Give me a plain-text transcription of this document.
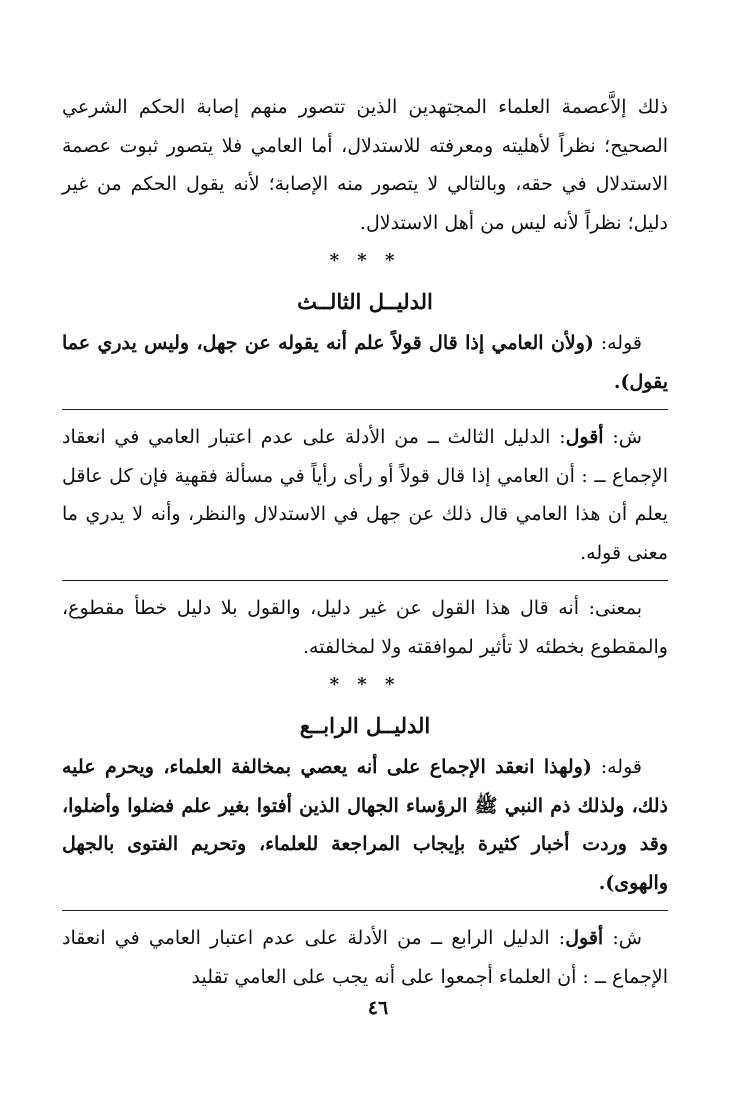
ذلك إلاَّعصمة العلماء المجتهدين الذين تتصور منهم إصابة الحكم الشرعي الصحيح؛ نظراً لأهليته ومعرفته للاستدلال، أما العامي فلا يتصور ثبوت عصمة الاستدلال في حقه، وبالتالي لا يتصور منه الإصابة؛ لأنه يقول الحكم من غير دليل؛ نظراً لأنه ليس من أهل الاستدلال.

* * *

الدليــل الثالــث

قوله: (ولأن العامي إذا قال قولاً علم أنه يقوله عن جهل، وليس يدري عما يقول).

ش: أقول: الدليل الثالث ــ من الأدلة على عدم اعتبار العامي في انعقاد الإجماع ــ : أن العامي إذا قال قولاً أو رأى رأياً في مسألة فقهية فإن كل عاقل يعلم أن هذا العامي قال ذلك عن جهل في الاستدلال والنظر، وأنه لا يدري ما معنى قوله.

بمعنى: أنه قال هذا القول عن غير دليل، والقول بلا دليل خطأ مقطوع، والمقطوع بخطئه لا تأثير لموافقته ولا لمخالفته.

* * *

الدليــل الرابــع

قوله: (ولهذا انعقد الإجماع على أنه يعصي بمخالفة العلماء، ويحرم عليه ذلك، ولذلك ذم النبي ﷺ الرؤساء الجهال الذين أفتوا بغير علم فضلوا وأضلوا، وقد وردت أخبار كثيرة بإيجاب المراجعة للعلماء، وتحريم الفتوى بالجهل والهوى).

ش: أقول: الدليل الرابع ــ من الأدلة على عدم اعتبار العامي في انعقاد الإجماع ــ : أن العلماء أجمعوا على أنه يجب على العامي تقليد

٤٦
